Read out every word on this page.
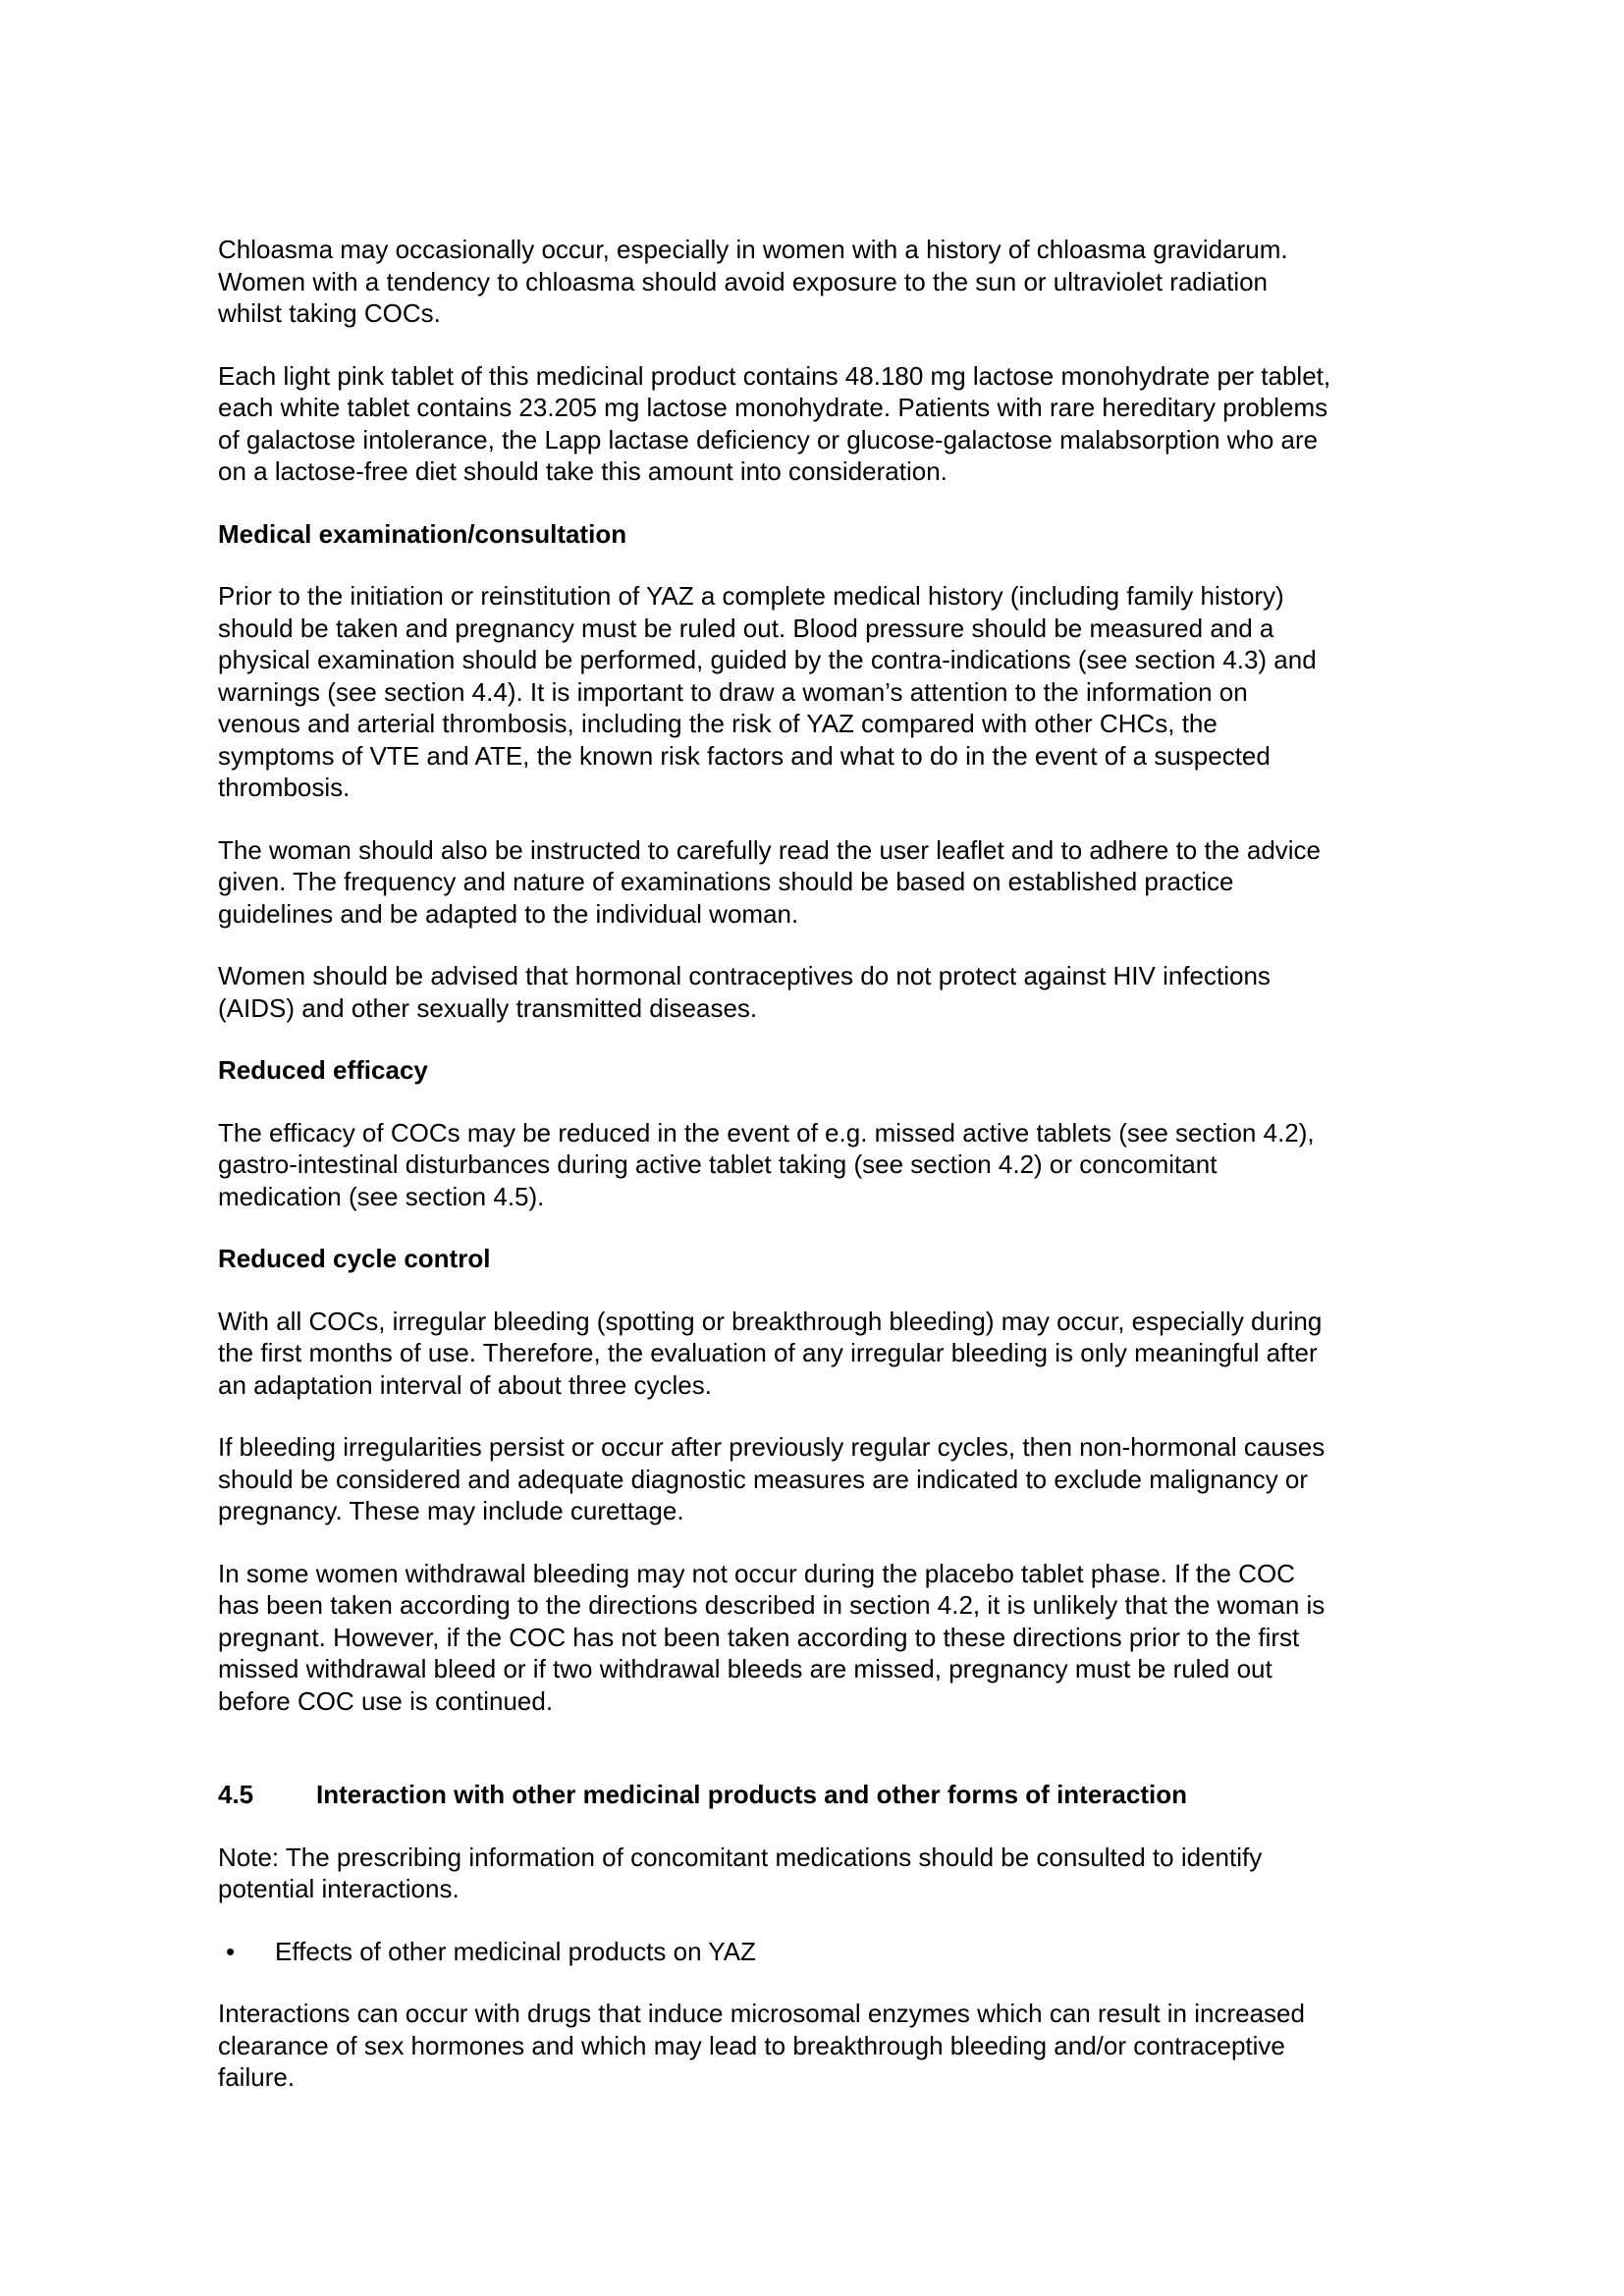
Chloasma may occasionally occur, especially in women with a history of chloasma gravidarum.
Women with a tendency to chloasma should avoid exposure to the sun or ultraviolet radiation
whilst taking COCs.

Each light pink tablet of this medicinal product contains 48.180 mg lactose monohydrate per tablet,
each white tablet contains 23.205 mg lactose monohydrate. Patients with rare hereditary problems
of galactose intolerance, the Lapp lactase deficiency or glucose-galactose malabsorption who are
on a lactose-free diet should take this amount into consideration.

Medical examination/consultation

Prior to the initiation or reinstitution of YAZ a complete medical history (including family history)
should be taken and pregnancy must be ruled out. Blood pressure should be measured and a
physical examination should be performed, guided by the contra-indications (see section 4.3) and
warnings (see section 4.4). It is important to draw a woman’s attention to the information on
venous and arterial thrombosis, including the risk of YAZ compared with other CHCs, the
symptoms of VTE and ATE, the known risk factors and what to do in the event of a suspected
thrombosis.

The woman should also be instructed to carefully read the user leaflet and to adhere to the advice
given. The frequency and nature of examinations should be based on established practice
guidelines and be adapted to the individual woman.

Women should be advised that hormonal contraceptives do not protect against HIV infections
(AIDS) and other sexually transmitted diseases.

Reduced efficacy

The efficacy of COCs may be reduced in the event of e.g. missed active tablets (see section 4.2),
gastro-intestinal disturbances during active tablet taking (see section 4.2) or concomitant
medication (see section 4.5).

Reduced cycle control

With all COCs, irregular bleeding (spotting or breakthrough bleeding) may occur, especially during
the first months of use. Therefore, the evaluation of any irregular bleeding is only meaningful after
an adaptation interval of about three cycles.

If bleeding irregularities persist or occur after previously regular cycles, then non-hormonal causes
should be considered and adequate diagnostic measures are indicated to exclude malignancy or
pregnancy. These may include curettage.

In some women withdrawal bleeding may not occur during the placebo tablet phase. If the COC
has been taken according to the directions described in section 4.2, it is unlikely that the woman is
pregnant. However, if the COC has not been taken according to these directions prior to the first
missed withdrawal bleed or if two withdrawal bleeds are missed, pregnancy must be ruled out
before COC use is continued.

4.5	Interaction with other medicinal products and other forms of interaction

Note: The prescribing information of concomitant medications should be consulted to identify
potential interactions.

•	Effects of other medicinal products on YAZ

Interactions can occur with drugs that induce microsomal enzymes which can result in increased
clearance of sex hormones and which may lead to breakthrough bleeding and/or contraceptive
failure.
